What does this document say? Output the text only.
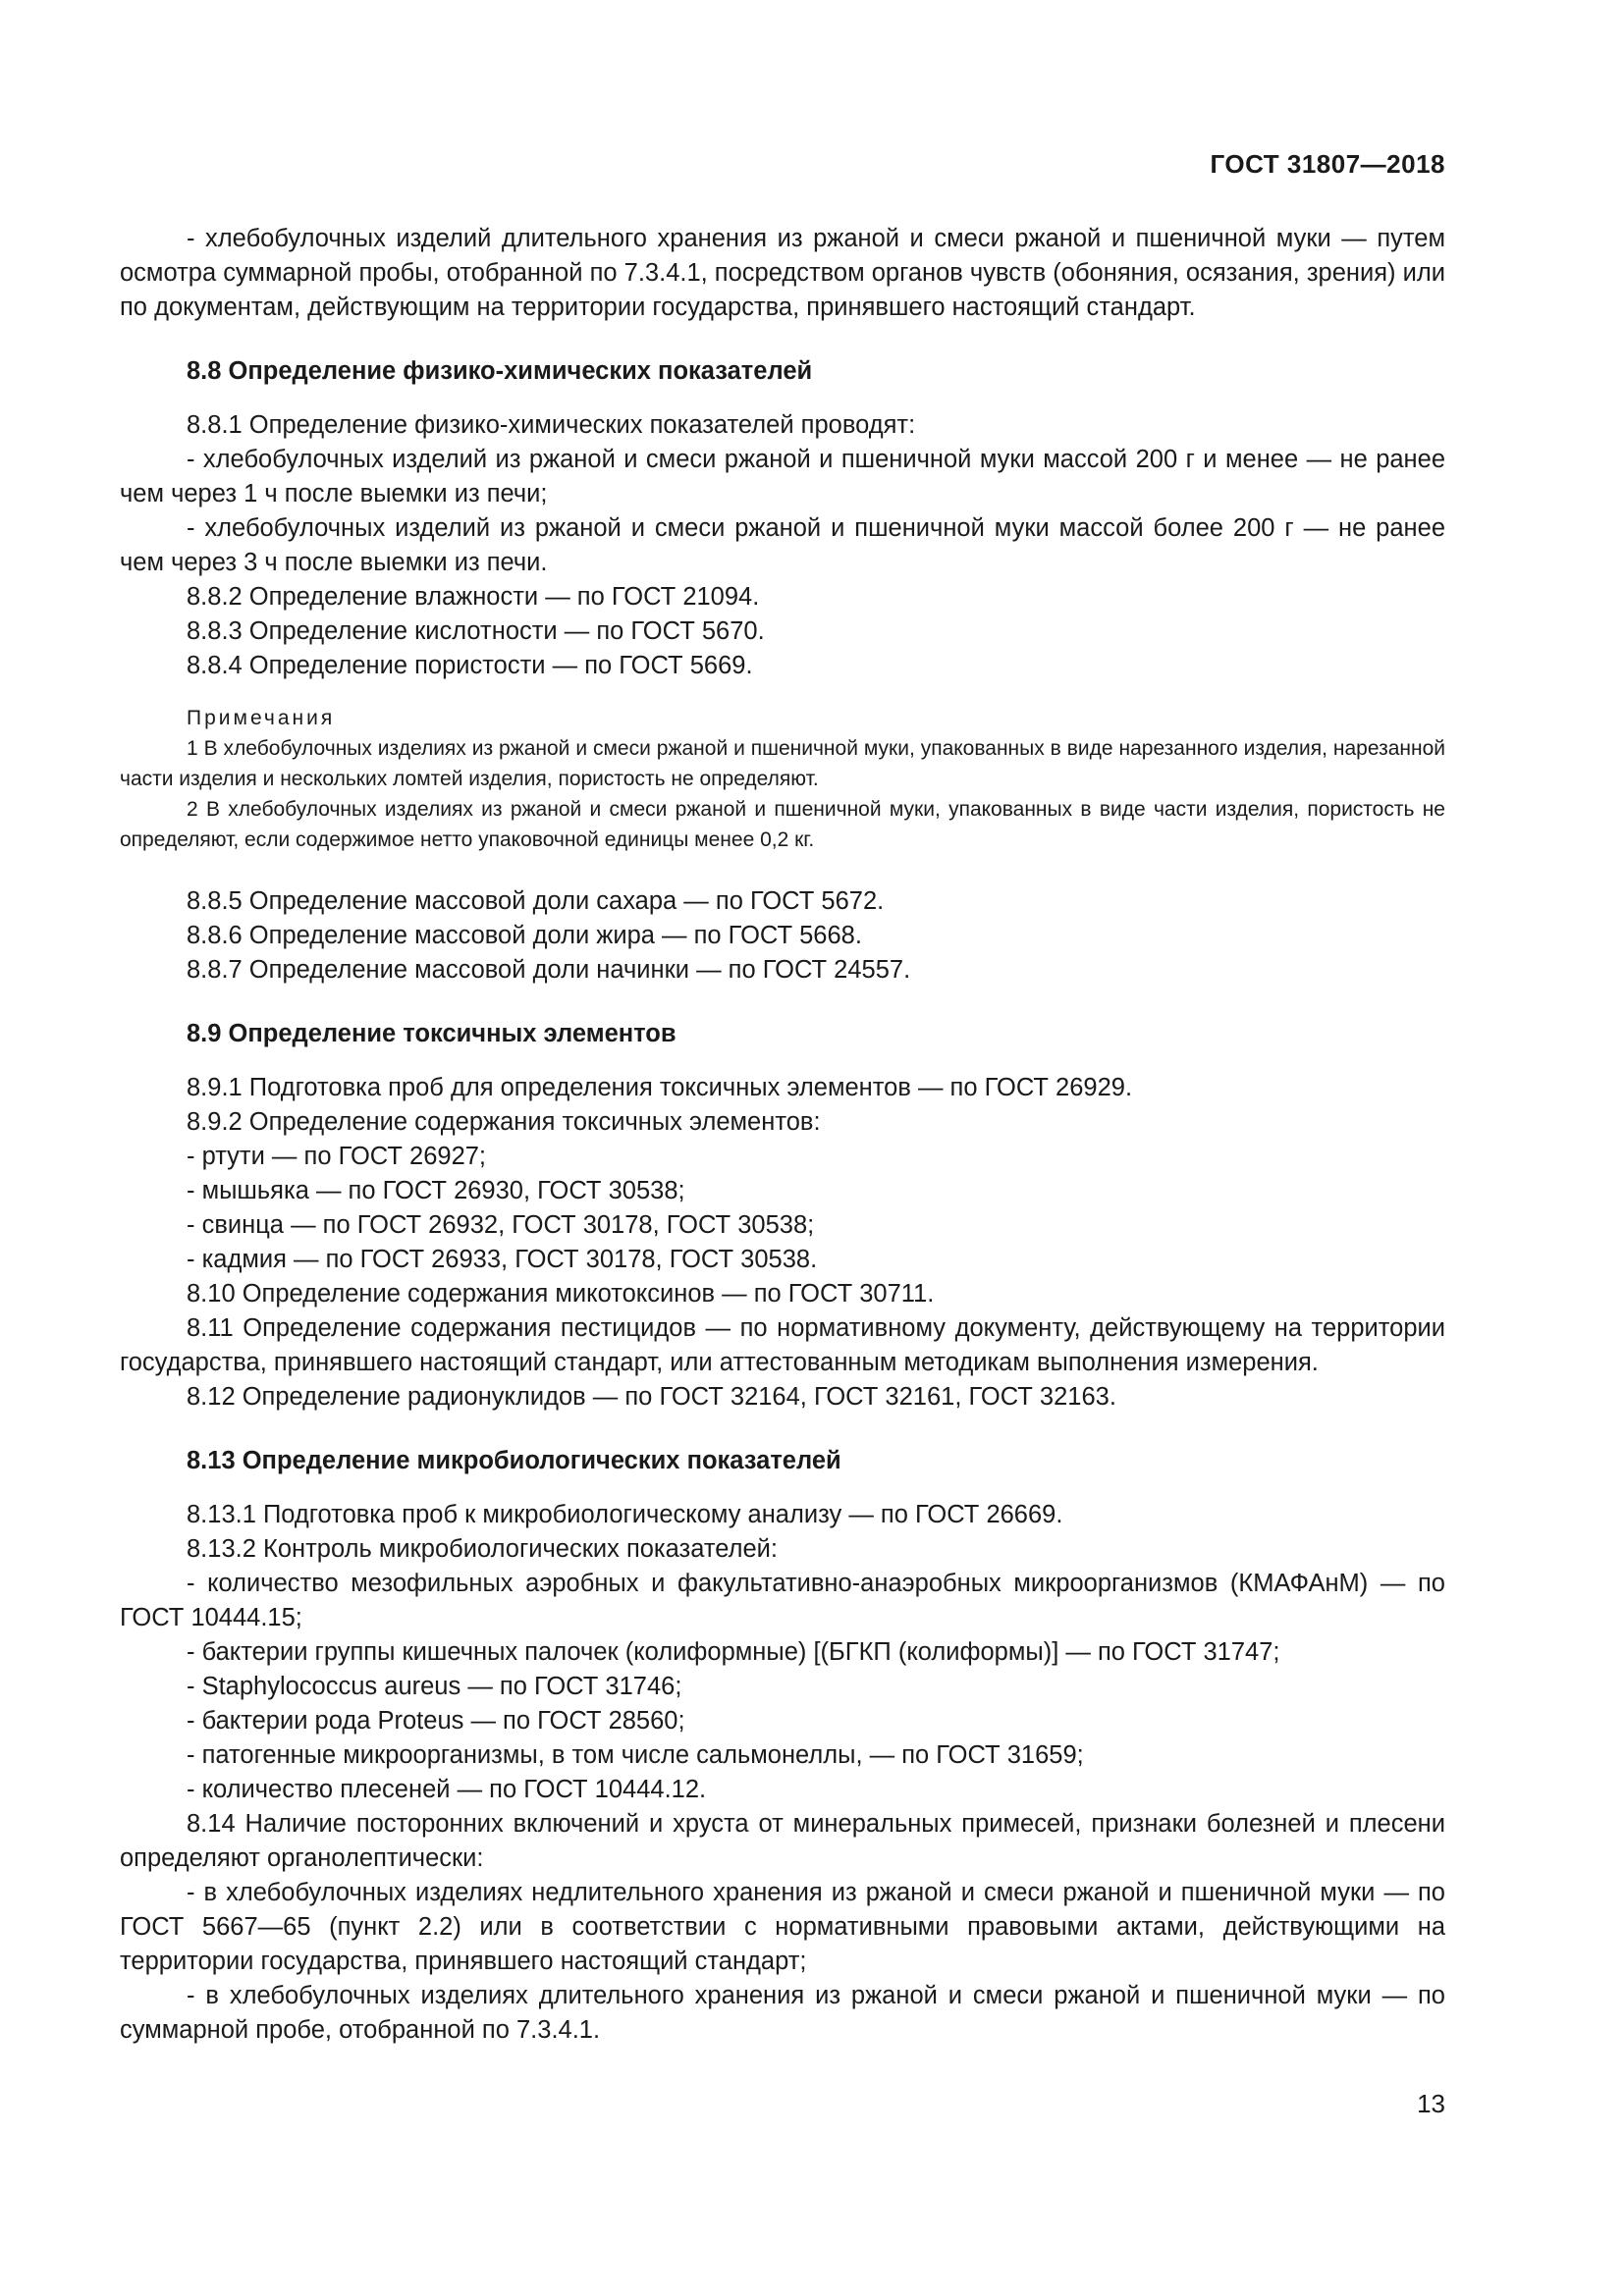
ГОСТ 31807—2018

- хлебобулочных изделий длительного хранения из ржаной и смеси ржаной и пшеничной муки — путем осмотра суммарной пробы, отобранной по 7.3.4.1, посредством органов чувств (обоняния, осязания, зрения) или по документам, действующим на территории государства, принявшего настоящий стандарт.

8.8 Определение физико-химических показателей

8.8.1 Определение физико-химических показателей проводят:

- хлебобулочных изделий из ржаной и смеси ржаной и пшеничной муки массой 200 г и менее — не ранее чем через 1 ч после выемки из печи;

- хлебобулочных изделий из ржаной и смеси ржаной и пшеничной муки массой более 200 г — не ранее чем через 3 ч после выемки из печи.

8.8.2 Определение влажности — по ГОСТ 21094.

8.8.3 Определение кислотности — по ГОСТ 5670.

8.8.4 Определение пористости — по ГОСТ 5669.

Примечания

1 В хлебобулочных изделиях из ржаной и смеси ржаной и пшеничной муки, упакованных в виде нарезанного изделия, нарезанной части изделия и нескольких ломтей изделия, пористость не определяют.

2 В хлебобулочных изделиях из ржаной и смеси ржаной и пшеничной муки, упакованных в виде части изделия, пористость не определяют, если содержимое нетто упаковочной единицы менее 0,2 кг.

8.8.5 Определение массовой доли сахара — по ГОСТ 5672.

8.8.6 Определение массовой доли жира — по ГОСТ 5668.

8.8.7 Определение массовой доли начинки — по ГОСТ 24557.

8.9 Определение токсичных элементов

8.9.1 Подготовка проб для определения токсичных элементов — по ГОСТ 26929.

8.9.2 Определение содержания токсичных элементов:

- ртути — по ГОСТ 26927;

- мышьяка — по ГОСТ 26930, ГОСТ 30538;

- свинца — по ГОСТ 26932, ГОСТ 30178, ГОСТ 30538;

- кадмия — по ГОСТ 26933, ГОСТ 30178, ГОСТ 30538.

8.10 Определение содержания микотоксинов — по ГОСТ 30711.

8.11 Определение содержания пестицидов — по нормативному документу, действующему на территории государства, принявшего настоящий стандарт, или аттестованным методикам выполнения измерения.

8.12 Определение радионуклидов — по ГОСТ 32164, ГОСТ 32161, ГОСТ 32163.

8.13 Определение микробиологических показателей

8.13.1 Подготовка проб к микробиологическому анализу — по ГОСТ 26669.

8.13.2 Контроль микробиологических показателей:

- количество мезофильных аэробных и факультативно-анаэробных микроорганизмов (КМАФАнМ) — по ГОСТ 10444.15;

- бактерии группы кишечных палочек (колиформные) [(БГКП (колиформы)] — по ГОСТ 31747;

- Staphylococcus aureus — по ГОСТ 31746;

- бактерии рода Proteus — по ГОСТ 28560;

- патогенные микроорганизмы, в том числе сальмонеллы, — по ГОСТ 31659;

- количество плесеней — по ГОСТ 10444.12.

8.14 Наличие посторонних включений и хруста от минеральных примесей, признаки болезней и плесени определяют органолептически:

- в хлебобулочных изделиях недлительного хранения из ржаной и смеси ржаной и пшеничной муки — по ГОСТ 5667—65 (пункт 2.2) или в соответствии с нормативными правовыми актами, действующими на территории государства, принявшего настоящий стандарт;

- в хлебобулочных изделиях длительного хранения из ржаной и смеси ржаной и пшеничной муки — по суммарной пробе, отобранной по 7.3.4.1.

13
